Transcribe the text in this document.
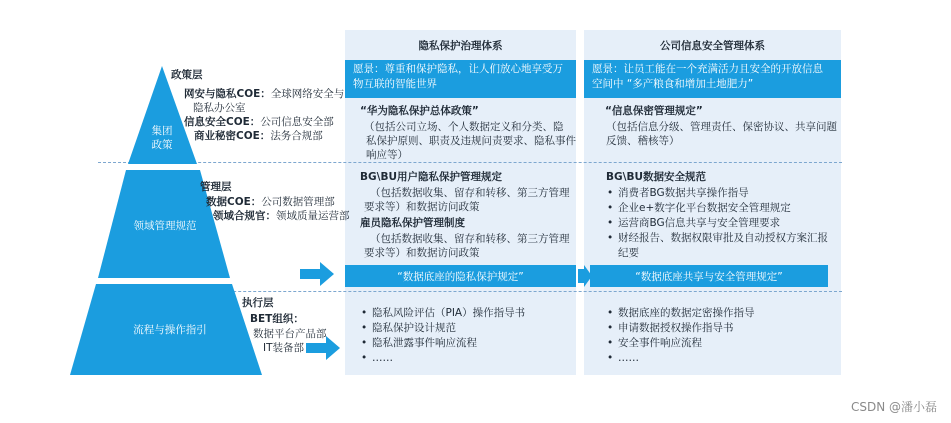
隐私保护治理体系	公司信息安全管理体系
愿景：尊重和保护隐私，让人们放心地享受万物互联的智能世界
愿景：让员工能在一个充满活力且安全的开放信息空间中 “多产粮食和增加土地肥力”
集团
政策
领域管理规范
流程与操作指引
政策层
网安与隐私COE：全球网络安全与
隐私办公室
信息安全COE：公司信息安全部
商业秘密COE：法务合规部
管理层
数据COE：公司数据管理部
领域合规官：领域质量运营部
执行层
BET组织：
数据平台产品部
IT装备部
“华为隐私保护总体政策”
（包括公司立场、个人数据定义和分类、隐
私保护原则、职责及违规问责要求、隐私事件
响应等）
“信息保密管理规定”
（包括信息分级、管理责任、保密协议、共享问题
反馈、稽核等）
BG\BU用户隐私保护管理规定
（包括数据收集、留存和转移、第三方管理
要求等）和数据访问政策
雇员隐私保护管理制度
（包括数据收集、留存和转移、第三方管理
要求等）和数据访问政策
BG\BU数据安全规范
• 消费者BG数据共享操作指导
• 企业e+数字化平台数据安全管理规定
• 运营商BG信息共享与安全管理要求
• 财经报告、数据权限审批及自动授权方案汇报纪要
“数据底座的隐私保护规定”	“数据底座共享与安全管理规定”
• 隐私风险评估（PIA）操作指导书
• 隐私保护设计规范
• 隐私泄露事件响应流程
• ……
• 数据底座的数据定密操作指导
• 申请数据授权操作指导书
• 安全事件响应流程
• ……
CSDN @潘小磊
